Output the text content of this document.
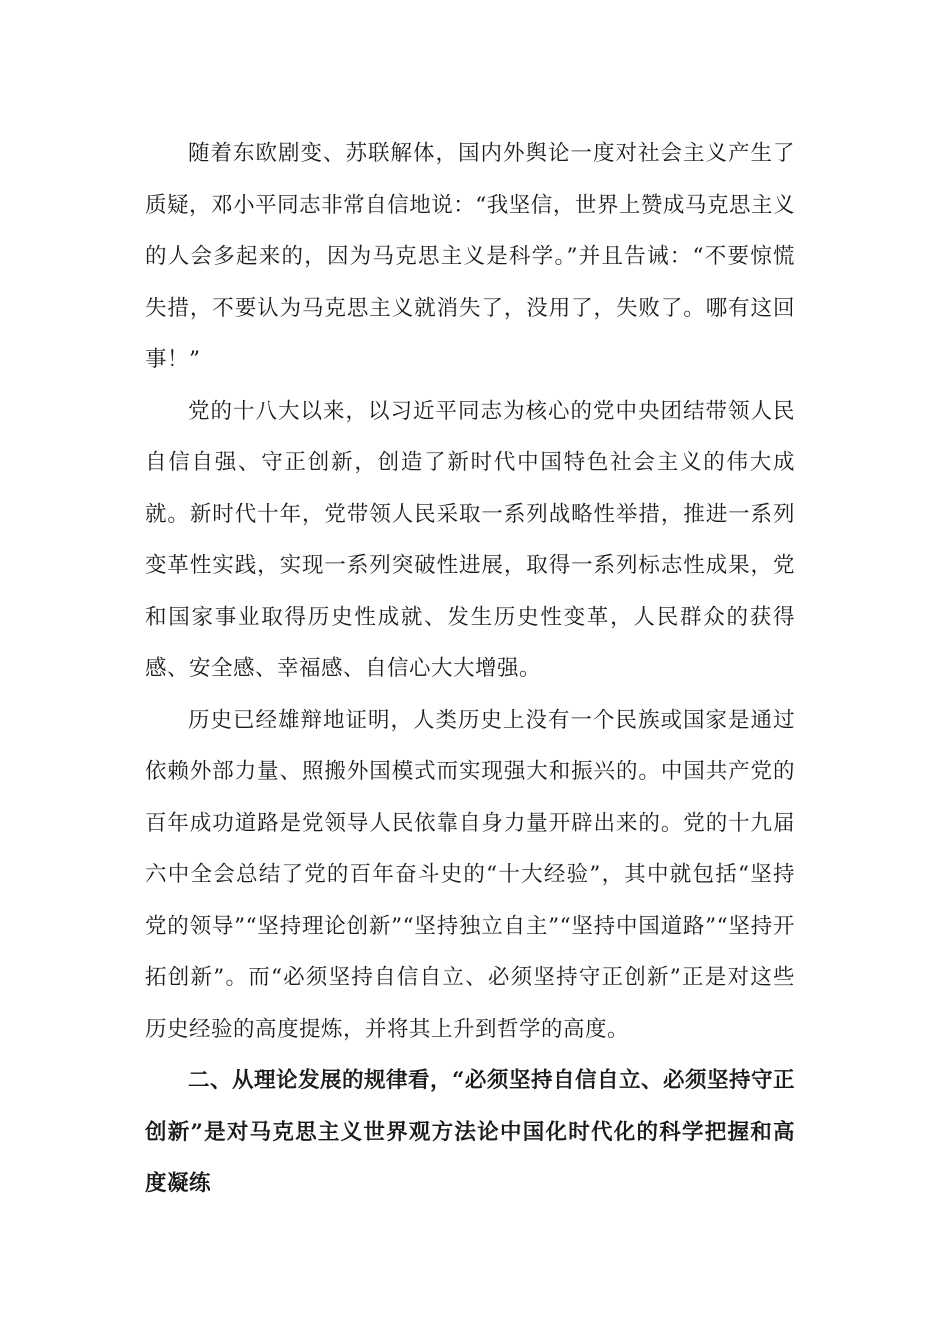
随着东欧剧变、苏联解体，国内外舆论一度对社会主义产生了质疑，邓小平同志非常自信地说：“我坚信，世界上赞成马克思主义的人会多起来的，因为马克思主义是科学。”并且告诫：“不要惊慌失措，不要认为马克思主义就消失了，没用了，失败了。哪有这回事！”

党的十八大以来，以习近平同志为核心的党中央团结带领人民自信自强、守正创新，创造了新时代中国特色社会主义的伟大成就。新时代十年，党带领人民采取一系列战略性举措，推进一系列变革性实践，实现一系列突破性进展，取得一系列标志性成果，党和国家事业取得历史性成就、发生历史性变革，人民群众的获得感、安全感、幸福感、自信心大大增强。

历史已经雄辩地证明，人类历史上没有一个民族或国家是通过依赖外部力量、照搬外国模式而实现强大和振兴的。中国共产党的百年成功道路是党领导人民依靠自身力量开辟出来的。党的十九届六中全会总结了党的百年奋斗史的“十大经验”，其中就包括“坚持党的领导”“坚持理论创新”“坚持独立自主”“坚持中国道路”“坚持开拓创新”。而“必须坚持自信自立、必须坚持守正创新”正是对这些历史经验的高度提炼，并将其上升到哲学的高度。

二、从理论发展的规律看，“必须坚持自信自立、必须坚持守正创新”是对马克思主义世界观方法论中国化时代化的科学把握和高度凝练
